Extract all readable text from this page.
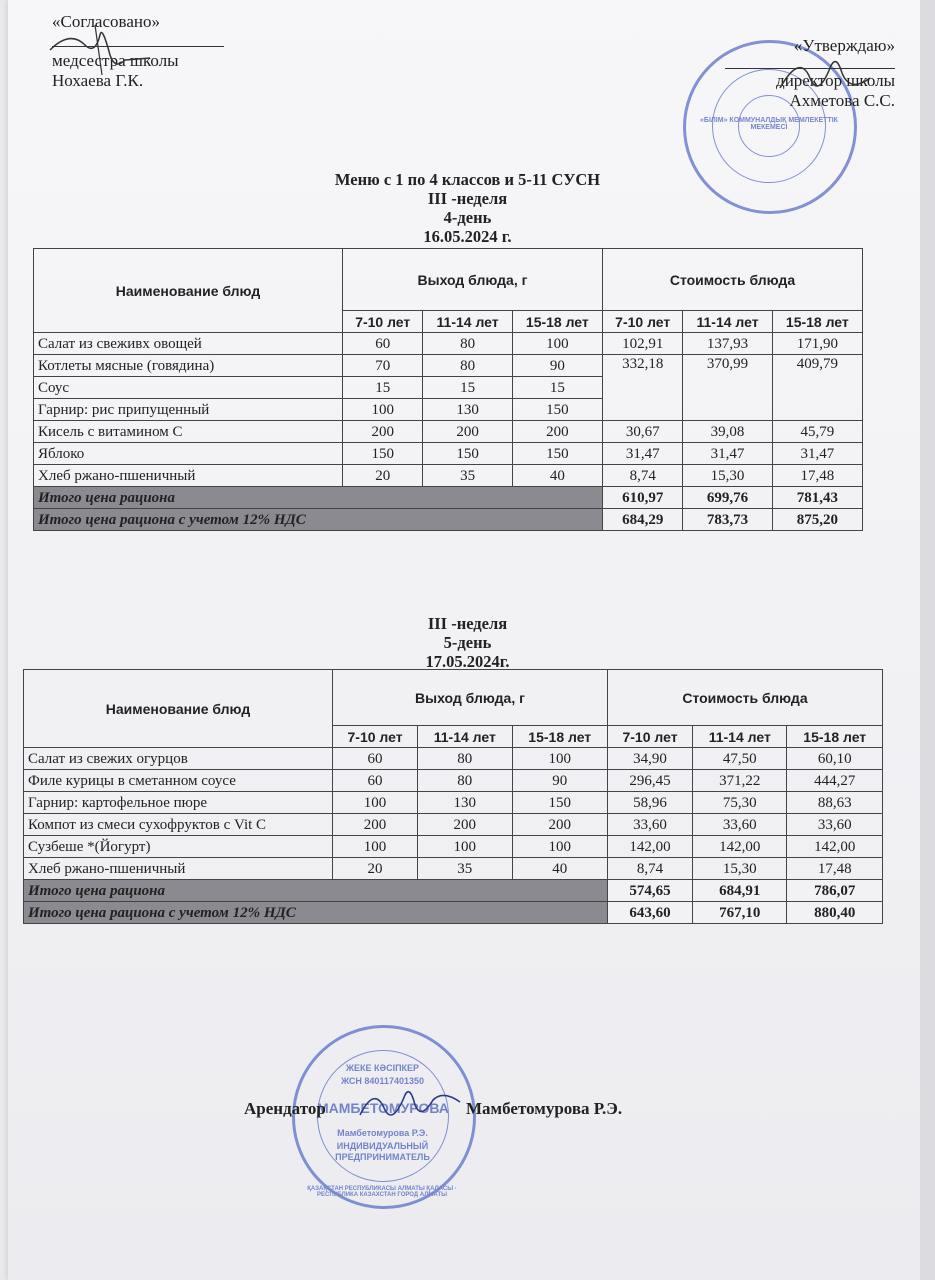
«Согласовано»
медсестра школы
Нохаева Г.К.
«БІЛІМ» КОММУНАЛДЫҚ МЕМЛЕКЕТТІК МЕКЕМЕСІ
«Утверждаю»
директор школы
Ахметова С.С.
Меню с 1 по 4 классов и 5-11 СУСН
III -неделя
4-день
16.05.2024 г.
Наименование блюд	Выход блюда, г			Стоимость блюда		
	7-10 лет	11-14 лет	15-18 лет	7-10 лет	11-14 лет	15-18 лет
Салат из свеживх овощей	60	80	100	102,91	137,93	171,90
Котлеты мясные (говядина)	70	80	90	332,18	370,99	409,79
Соус	15	15	15			
Гарнир: рис припущенный	100	130	150			
Кисель с витамином С	200	200	200	30,67	39,08	45,79
Яблоко	150	150	150	31,47	31,47	31,47
Хлеб ржано-пшеничный	20	35	40	8,74	15,30	17,48
Итого цена рациона				610,97	699,76	781,43
Итого цена рациона с учетом 12% НДС				684,29	783,73	875,20
III -неделя
5-день
17.05.2024г.
Наименование блюд	Выход блюда, г			Стоимость блюда		
	7-10 лет	11-14 лет	15-18 лет	7-10 лет	11-14 лет	15-18 лет
Салат из свежих огурцов	60	80	100	34,90	47,50	60,10
Филе курицы в сметанном соусе	60	80	90	296,45	371,22	444,27
Гарнир: картофельное пюре	100	130	150	58,96	75,30	88,63
Компот из смеси сухофруктов с Vit C	200	200	200	33,60	33,60	33,60
Сузбеше *(Йогурт)	100	100	100	142,00	142,00	142,00
Хлеб ржано-пшеничный	20	35	40	8,74	15,30	17,48
Итого цена рациона				574,65	684,91	786,07
Итого цена рациона с учетом 12% НДС				643,60	767,10	880,40
ЖЕКЕ КӘСІПКЕР
ЖСН 840117401350
МАМБЕТОМУРОВА
Мамбетомурова Р.Э.
ИНДИВИДУАЛЬНЫЙ ПРЕДПРИНИМАТЕЛЬ
ҚАЗАҚСТАН РЕСПУБЛИКАСЫ АЛМАТЫ ҚАЛАСЫ · РЕСПУБЛИКА КАЗАХСТАН ГОРОД АЛМАТЫ
Арендатор	Мамбетомурова Р.Э.
